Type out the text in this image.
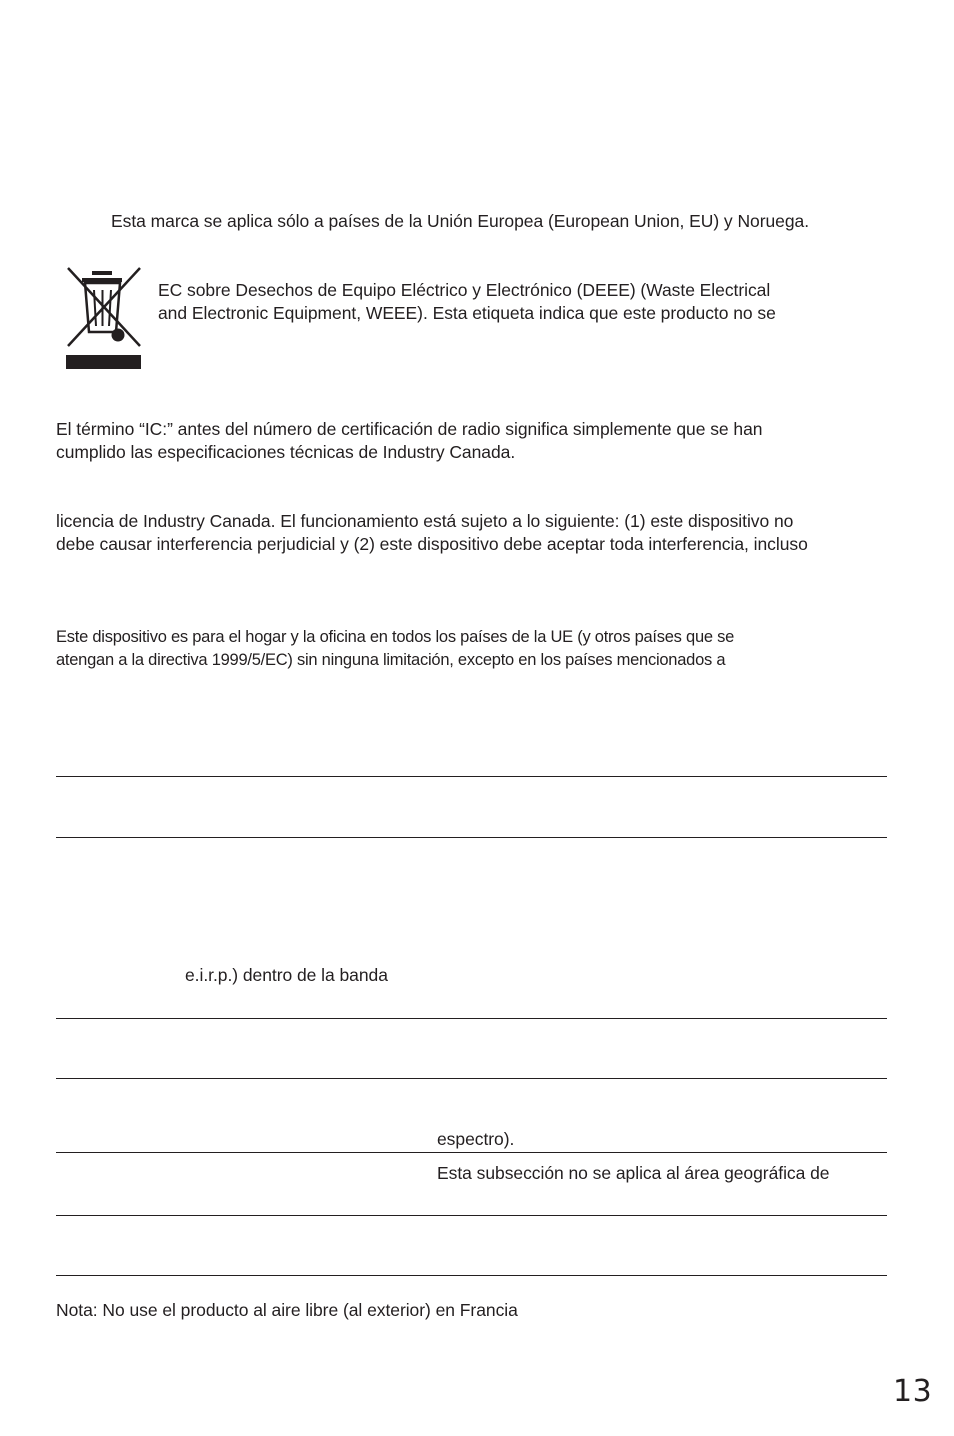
Esta marca se aplica sólo a países de la Unión Europea (European Union, EU) y Noruega.
EC sobre Desechos de Equipo Eléctrico y Electrónico (DEEE) (Waste Electrical
and Electronic Equipment, WEEE). Esta etiqueta indica que este producto no se
El término “IC:” antes del número de certificación de radio significa simplemente que se han
cumplido las especificaciones técnicas de Industry Canada.
licencia de Industry Canada. El funcionamiento está sujeto a lo siguiente: (1) este dispositivo no
debe causar interferencia perjudicial y (2) este dispositivo debe aceptar toda interferencia, incluso
Este dispositivo es para el hogar y la oficina en todos los países de la UE (y otros países que se
atengan a la directiva 1999/5/EC) sin ninguna limitación, excepto en los países mencionados a
e.i.r.p.) dentro de la banda
espectro).
Esta subsección no se aplica al área geográfica de
Nota: No use el producto al aire libre (al exterior) en Francia
13
